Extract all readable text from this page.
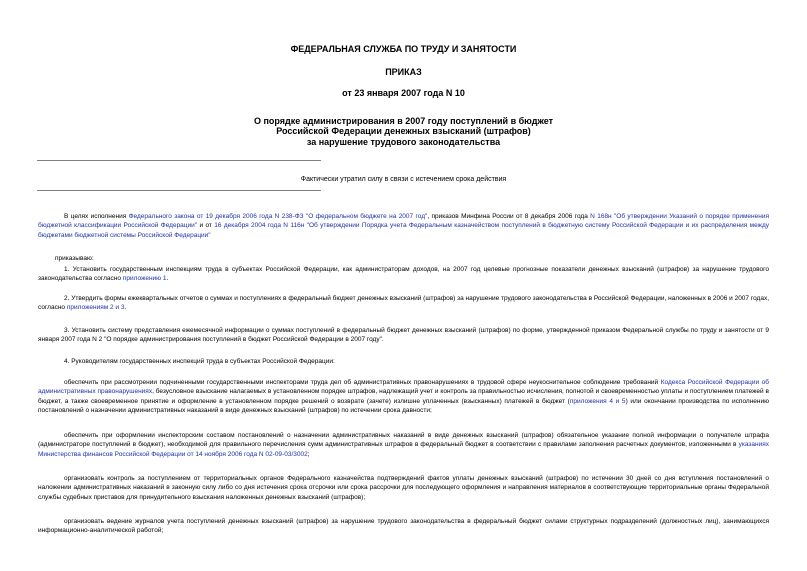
ФЕДЕРАЛЬНАЯ СЛУЖБА ПО ТРУДУ И ЗАНЯТОСТИ
ПРИКАЗ
от 23 января 2007 года N 10
О порядке администрирования в 2007 году поступлений в бюджет
Российской Федерации денежных взысканий (штрафов)
за нарушение трудового законодательства
Фактически утратил силу в связи с истечением срока действия
В целях исполнения Федерального закона от 19 декабря 2006 года N 238-ФЗ "О федеральном бюджете на 2007 год", приказов Минфина России от 8 декабря 2006 года N 168н "Об утверждении Указаний о порядке применения бюджетной классификации Российской Федерации" и от 16 декабря 2004 года N 116н "Об утверждении Порядка учета Федеральным казначейством поступлений в бюджетную систему Российской Федерации и их распределения между бюджетами бюджетной системы Российской Федерации"
приказываю:
1. Установить государственным инспекциям труда в субъектах Российской Федерации, как администраторам доходов, на 2007 год целевые прогнозные показатели денежных взысканий (штрафов) за нарушение трудового законодательства согласно приложению 1.
2. Утвердить формы ежеквартальных отчетов о суммах и поступлениях в федеральный бюджет денежных взысканий (штрафов) за нарушение трудового законодательства в Российской Федерации, наложенных в 2006 и 2007 годах, согласно приложениям 2 и 3.
3. Установить систему представления ежемесячной информации о суммах поступлений в федеральный бюджет денежных взысканий (штрафов) по форме, утвержденной приказом Федеральной службы по труду и занятости от 9 января 2007 года N 2 "О порядке администрирования поступлений в бюджет Российской Федерации в 2007 году".
4. Руководителям государственных инспекций труда в субъектах Российской Федерации:
обеспечить при рассмотрении подчиненными государственными инспекторами труда дел об административных правонарушениях в трудовой сфере неукоснительное соблюдение требований Кодекса Российской Федерации об административных правонарушениях, безусловное взыскание налагаемых в установленном порядке штрафов, надлежащий учет и контроль за правильностью исчисления, полнотой и своевременностью уплаты и поступлением платежей в бюджет, а также своевременное принятие и оформление в установленном порядке решений о возврате (зачете) излишне уплаченных (взысканных) платежей в бюджет (приложения 4 и 5) или окончании производства по исполнению постановлений о назначении административных наказаний в виде денежных взысканий (штрафов) по истечении срока давности;
обеспечить при оформлении инспекторским составом постановлений о назначении административных наказаний в виде денежных взысканий (штрафов) обязательное указание полной информации о получателе штрафа (администраторе поступлений в бюджет), необходимой для правильного перечисления сумм административных штрафов в федеральный бюджет в соответствии с правилами заполнения расчетных документов, изложенными в указаниях Министерства финансов Российской Федерации от 14 ноября 2006 года N 02-09-03/3002;
организовать контроль за поступлением от территориальных органов Федерального казначейства подтверждений фактов уплаты денежных взысканий (штрафов) по истечении 30 дней со дня вступления постановлений о наложении административных наказаний в законную силу либо со дня истечения срока отсрочки или срока рассрочки для последующего оформления и направления материалов в соответствующие территориальные органы Федеральной службы судебных приставов для принудительного взыскания наложенных денежных взысканий (штрафов);
организовать ведение журналов учета поступлений денежных взысканий (штрафов) за нарушение трудового законодательства в федеральный бюджет силами структурных подразделений (должностных лиц), занимающихся информационно-аналитической работой;
